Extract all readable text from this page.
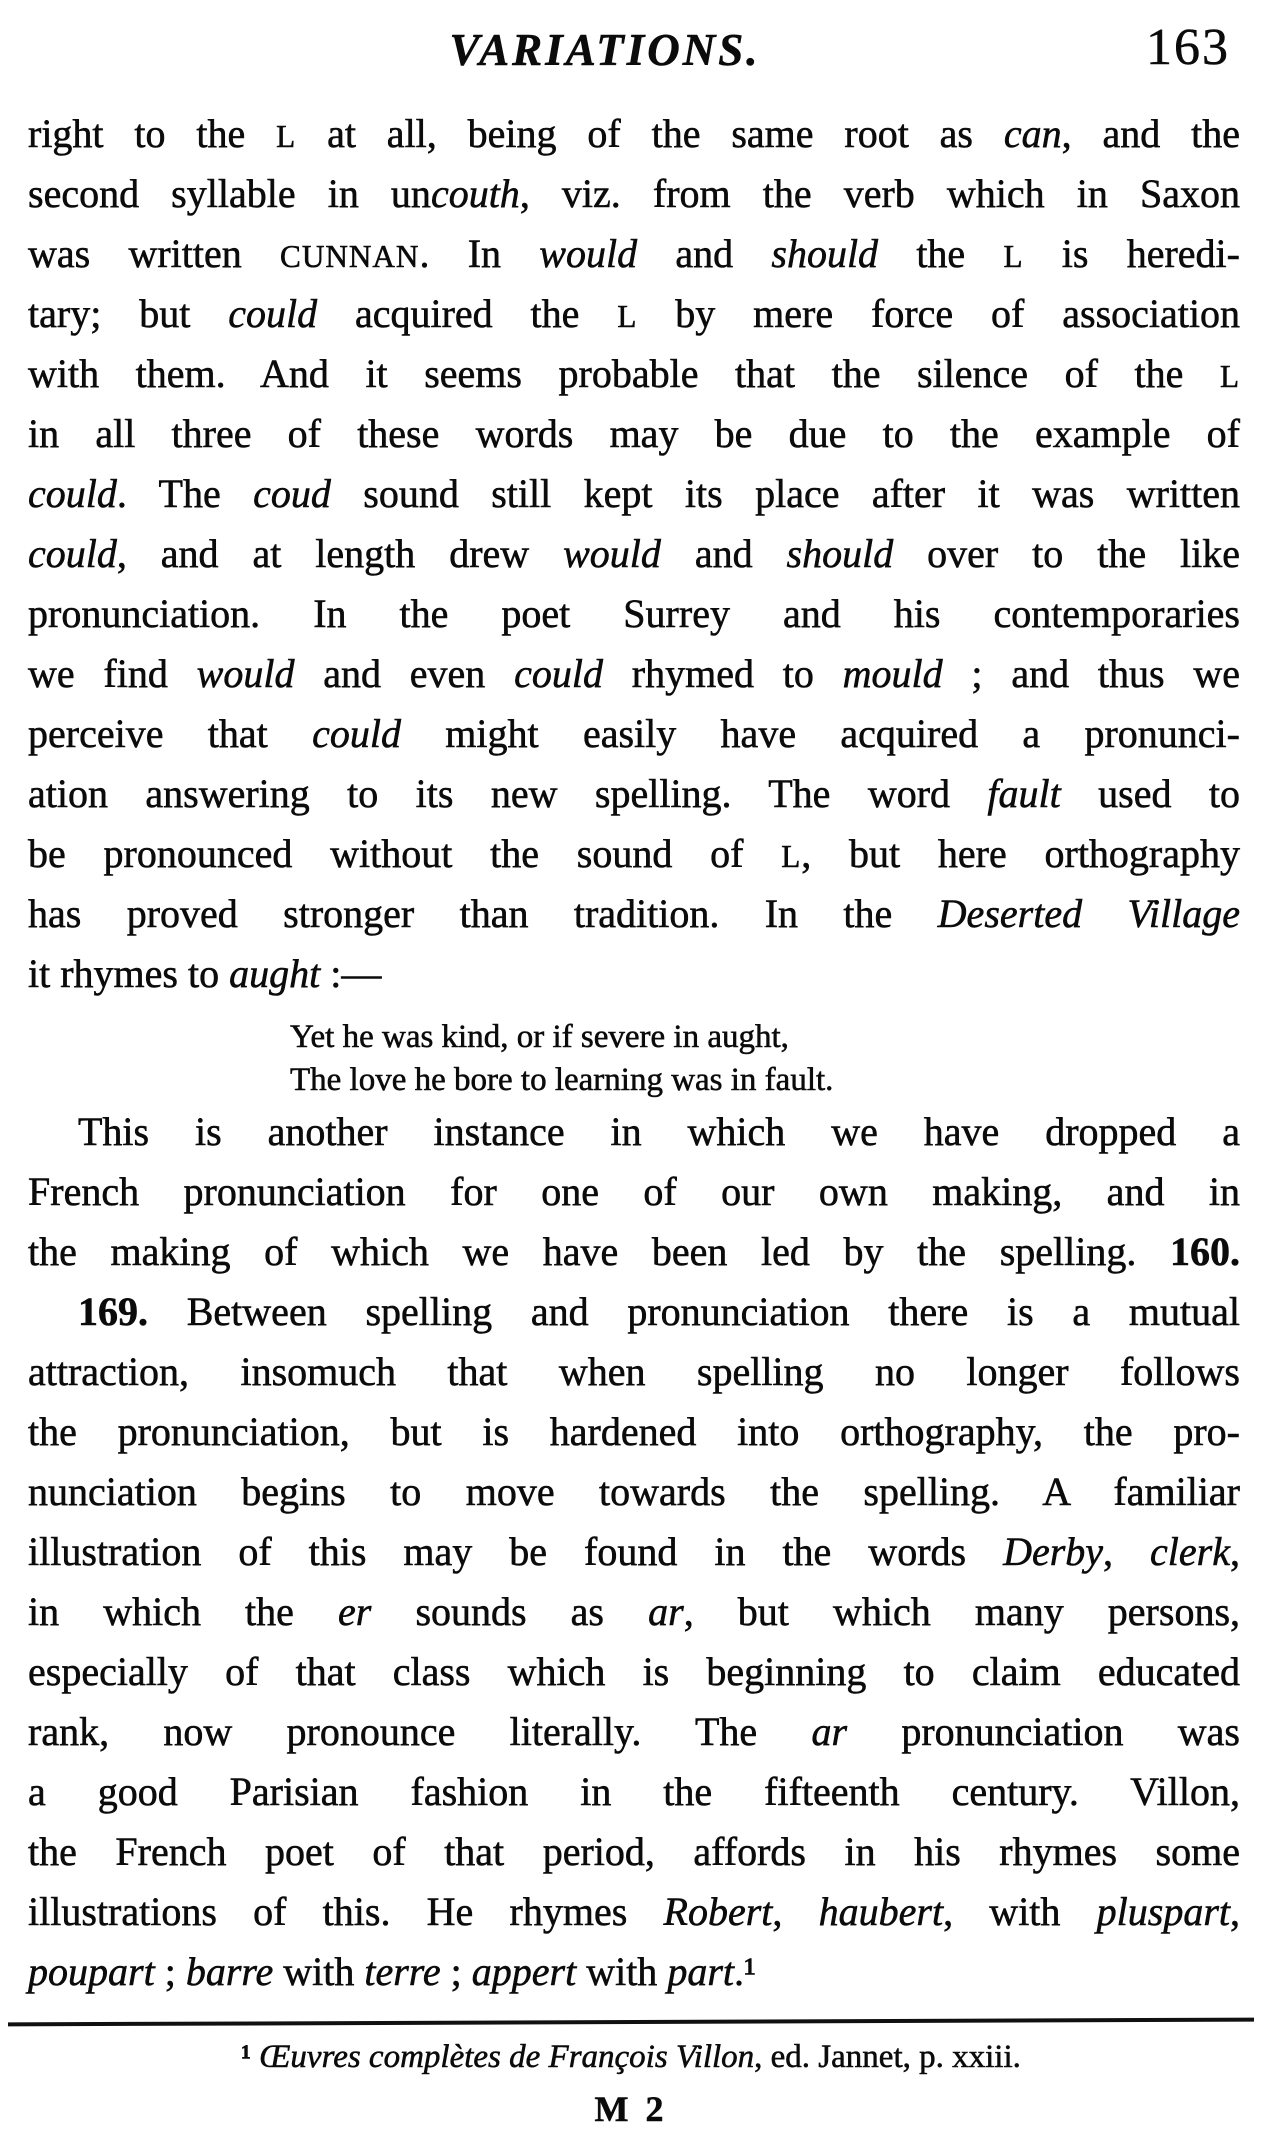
VARIATIONS.	163
right to the L at all, being of the same root as can, and the
second syllable in uncouth, viz. from the verb which in Saxon
was written CUNNAN. In would and should the L is heredi-
tary; but could acquired the L by mere force of association
with them. And it seems probable that the silence of the L
in all three of these words may be due to the example of
could. The coud sound still kept its place after it was written
could, and at length drew would and should over to the like
pronunciation. In the poet Surrey and his contemporaries
we find would and even could rhymed to mould ; and thus we
perceive that could might easily have acquired a pronunci-
ation answering to its new spelling. The word fault used to
be pronounced without the sound of L, but here orthography
has proved stronger than tradition. In the Deserted Village
it rhymes to aught :—
Yet he was kind, or if severe in aught,
The love he bore to learning was in fault.
This is another instance in which we have dropped a
French pronunciation for one of our own making, and in
the making of which we have been led by the spelling. 160.
169. Between spelling and pronunciation there is a mutual
attraction, insomuch that when spelling no longer follows
the pronunciation, but is hardened into orthography, the pro-
nunciation begins to move towards the spelling. A familiar
illustration of this may be found in the words Derby, clerk,
in which the er sounds as ar, but which many persons,
especially of that class which is beginning to claim educated
rank, now pronounce literally. The ar pronunciation was
a good Parisian fashion in the fifteenth century. Villon,
the French poet of that period, affords in his rhymes some
illustrations of this. He rhymes Robert, haubert, with pluspart,
poupart ; barre with terre ; appert with part.¹
¹ Œuvres complètes de François Villon, ed. Jannet, p. xxiii.
M 2
